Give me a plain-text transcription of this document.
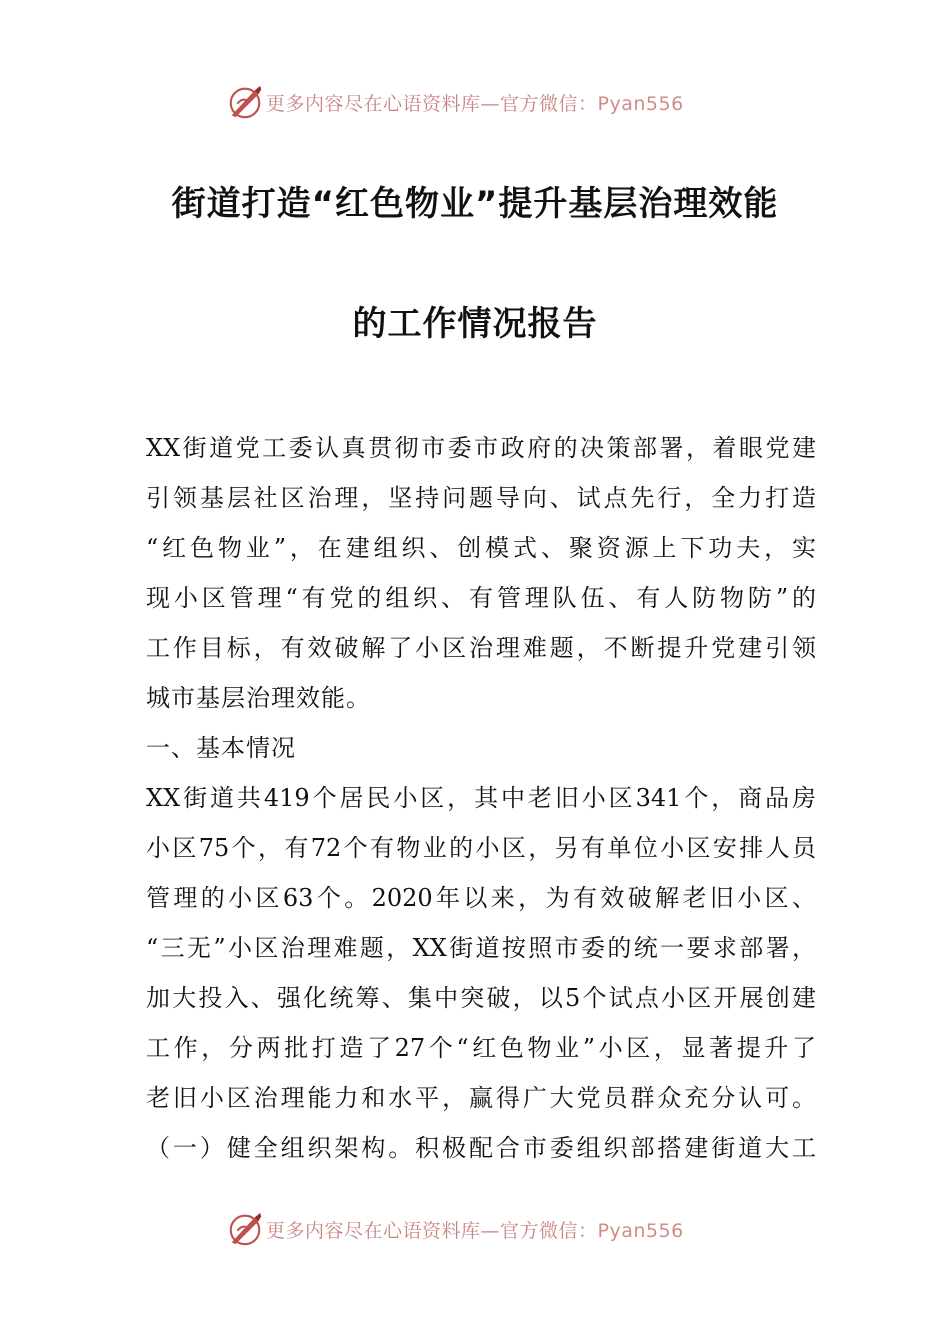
更多内容尽在心语资料库—官方微信：Pyan556
街道打造“红色物业”提升基层治理效能
的工作情况报告
XX街道党工委认真贯彻市委市政府的决策部署，着眼党建
引领基层社区治理，坚持问题导向、试点先行，全力打造
“红色物业”，在建组织、创模式、聚资源上下功夫，实
现小区管理“有党的组织、有管理队伍、有人防物防”的
工作目标，有效破解了小区治理难题，不断提升党建引领
城市基层治理效能。
一、基本情况
XX街道共419个居民小区，其中老旧小区341个，商品房
小区75个，有72个有物业的小区，另有单位小区安排人员
管理的小区63个。2020年以来，为有效破解老旧小区、
“三无”小区治理难题，XX街道按照市委的统一要求部署，
加大投入、强化统筹、集中突破，以5个试点小区开展创建
工作，分两批打造了27个“红色物业”小区，显著提升了
老旧小区治理能力和水平，赢得广大党员群众充分认可。
（一）健全组织架构。积极配合市委组织部搭建街道大工
更多内容尽在心语资料库—官方微信：Pyan556
